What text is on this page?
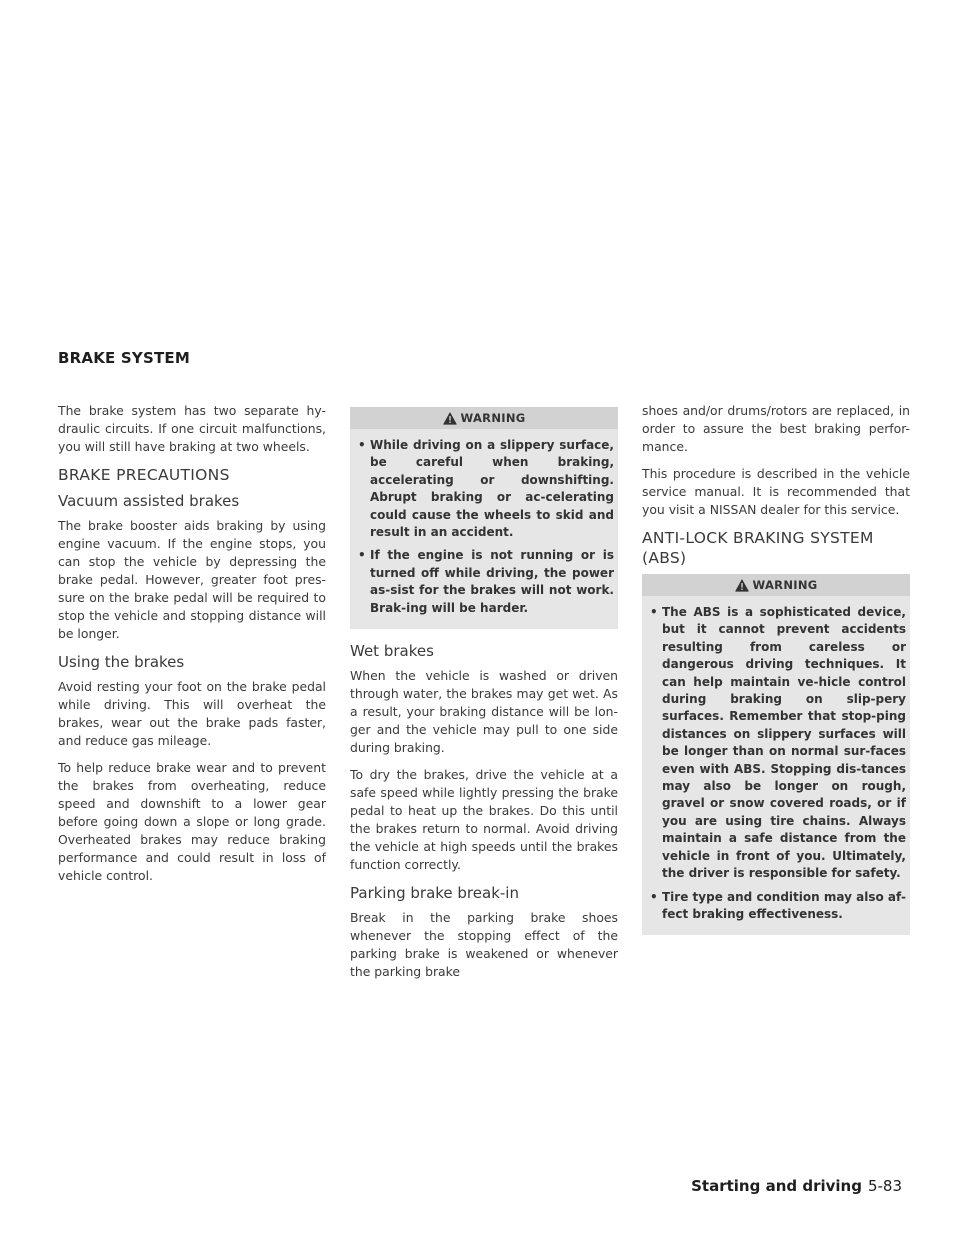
BRAKE SYSTEM

The brake system has two separate hy-draulic circuits. If one circuit malfunctions, you will still have braking at two wheels.

BRAKE PRECAUTIONS
Vacuum assisted brakes

The brake booster aids braking by using engine vacuum. If the engine stops, you can stop the vehicle by depressing the brake pedal. However, greater foot pres-sure on the brake pedal will be required to stop the vehicle and stopping distance will be longer.

Using the brakes

Avoid resting your foot on the brake pedal while driving. This will overheat the brakes, wear out the brake pads faster, and reduce gas mileage.

To help reduce brake wear and to prevent the brakes from overheating, reduce speed and downshift to a lower gear before going down a slope or long grade. Overheated brakes may reduce braking performance and could result in loss of vehicle control.

WARNING
• While driving on a slippery surface, be careful when braking, accelerating or downshifting. Abrupt braking or ac-celerating could cause the wheels to skid and result in an accident.
• If the engine is not running or is turned off while driving, the power as-sist for the brakes will not work. Brak-ing will be harder.
Wet brakes

When the vehicle is washed or driven through water, the brakes may get wet. As a result, your braking distance will be lon-ger and the vehicle may pull to one side during braking.

To dry the brakes, drive the vehicle at a safe speed while lightly pressing the brake pedal to heat up the brakes. Do this until the brakes return to normal. Avoid driving the vehicle at high speeds until the brakes function correctly.

Parking brake break-in

Break in the parking brake shoes whenever the stopping effect of the parking brake is weakened or whenever the parking brake

shoes and/or drums/rotors are replaced, in order to assure the best braking perfor-mance.

This procedure is described in the vehicle service manual. It is recommended that you visit a NISSAN dealer for this service.

ANTI-LOCK BRAKING SYSTEM (ABS)
WARNING
• The ABS is a sophisticated device, but it cannot prevent accidents resulting from careless or dangerous driving techniques. It can help maintain ve-hicle control during braking on slip-pery surfaces. Remember that stop-ping distances on slippery surfaces will be longer than on normal sur-faces even with ABS. Stopping dis-tances may also be longer on rough, gravel or snow covered roads, or if you are using tire chains. Always maintain a safe distance from the vehicle in front of you. Ultimately, the driver is responsible for safety.
• Tire type and condition may also af-fect braking effectiveness.
Starting and driving 5-83
